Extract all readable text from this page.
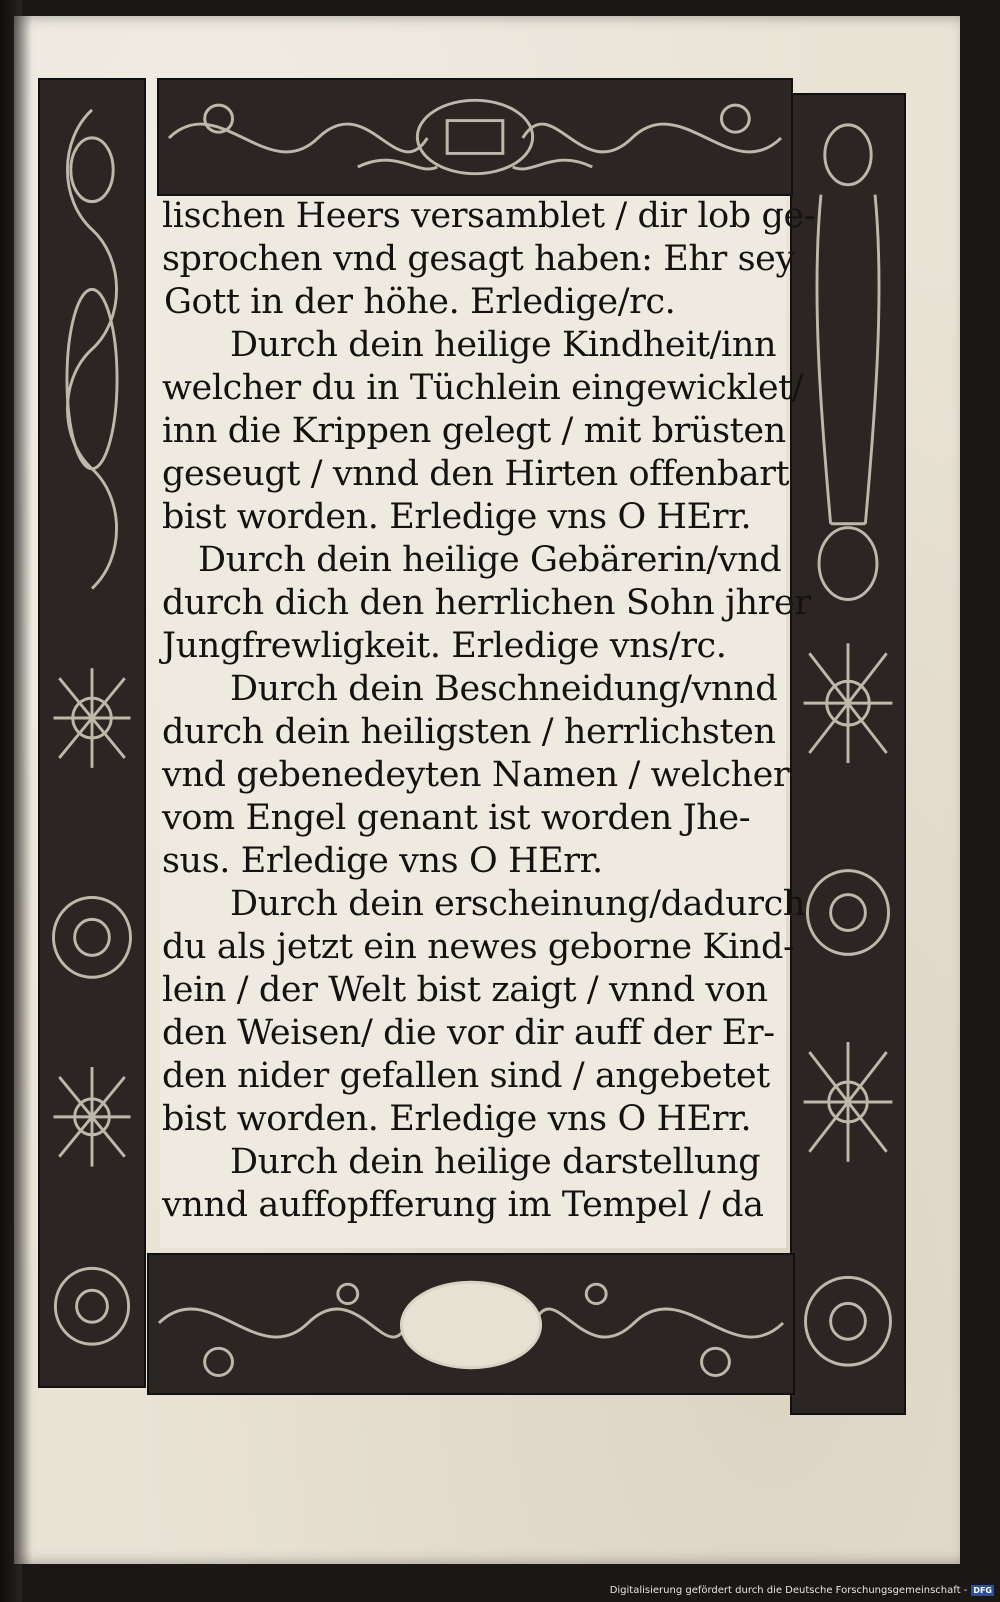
lischen Heers versamblet / dir lob ge-
sprochen vnd gesagt haben: Ehr sey
Gott in der höhe. Erledige/rc.
Durch dein heilige Kindheit/inn
welcher du in Tüchlein eingewicklet/
inn die Krippen gelegt / mit brüsten
geseugt / vnnd den Hirten offenbart
bist worden. Erledige vns O HErr.
Durch dein heilige Gebärerin/vnd
durch dich den herrlichen Sohn jhrer
Jungfrewligkeit. Erledige vns/rc.
Durch dein Beschneidung/vnnd
durch dein heiligsten / herrlichsten
vnd gebenedeyten Namen / welcher
vom Engel genant ist worden Jhe-
sus. Erledige vns O HErr.
Durch dein erscheinung/dadurch
du als jetzt ein newes geborne Kind-
lein / der Welt bist zaigt / vnnd von
den Weisen/ die vor dir auff der Er-
den nider gefallen sind / angebetet
bist worden. Erledige vns O HErr.
Durch dein heilige darstellung
vnnd auffopfferung im Tempel / da
Digitalisierung gefördert durch die Deutsche Forschungsgemeinschaft - DFG
